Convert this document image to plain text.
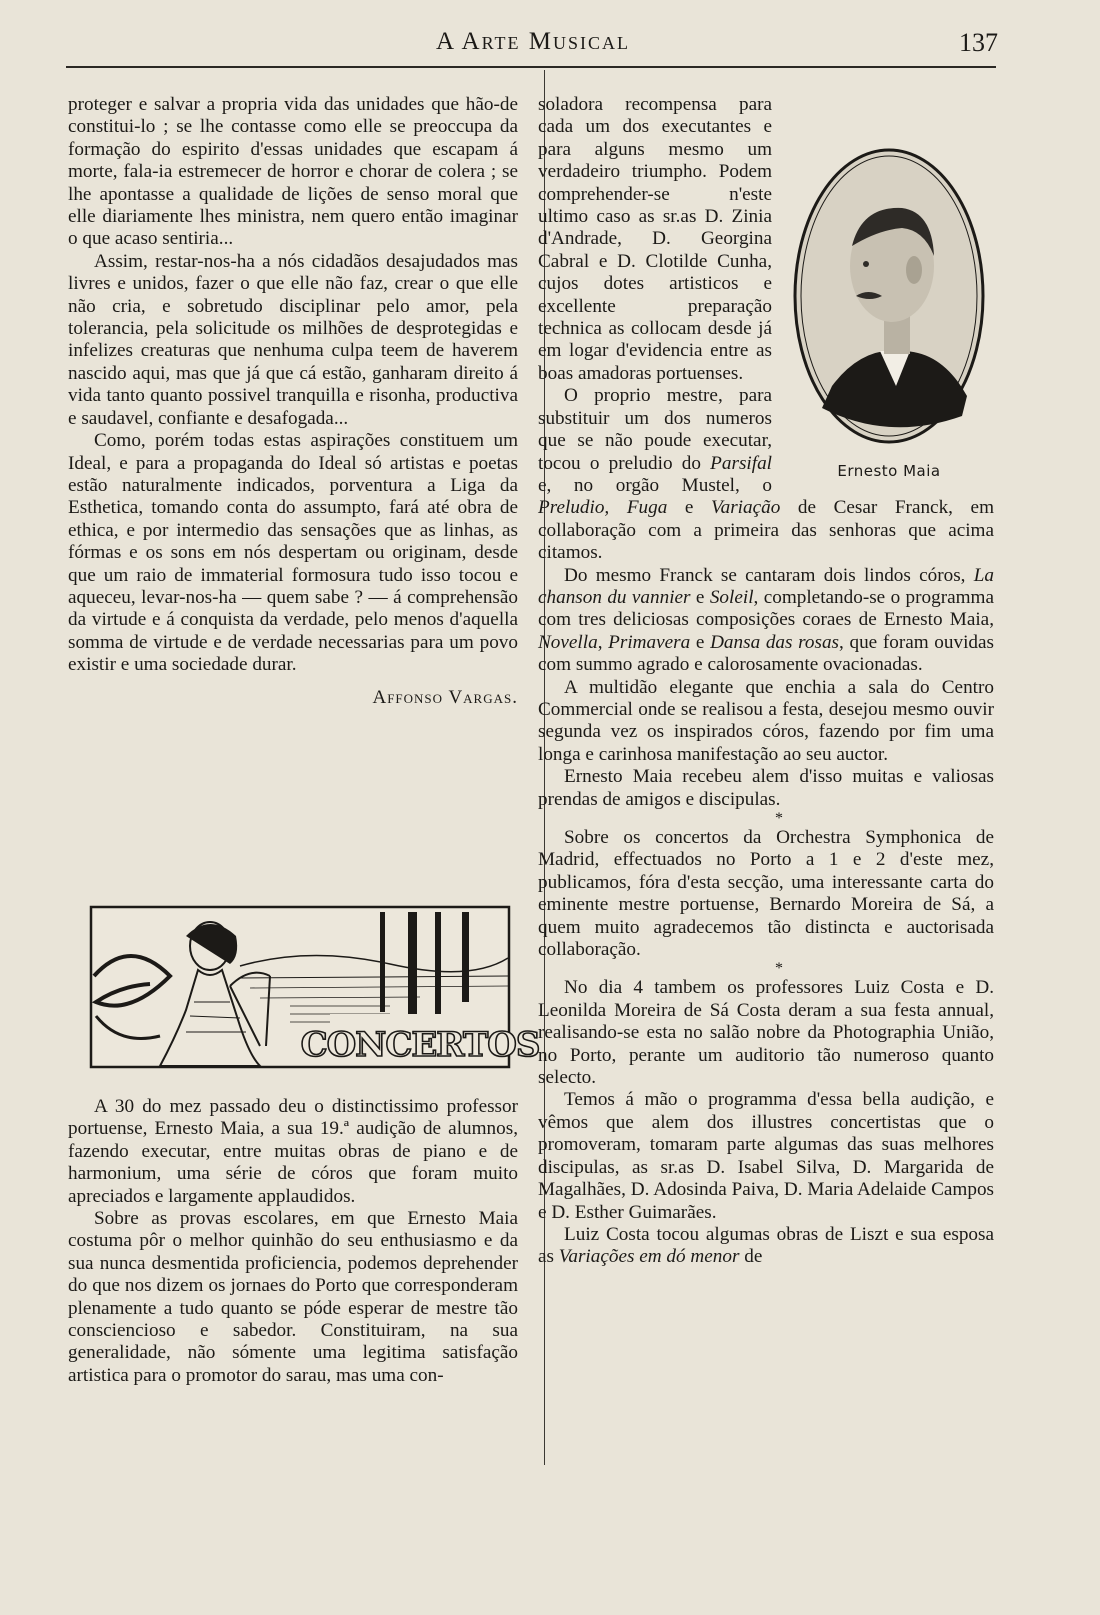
A Arte Musical	137

proteger e salvar a propria vida das unidades que hão-de constitui-lo ; se lhe contasse como elle se preoccupa da formação do espirito d'essas unidades que escapam á morte, fala-ia estremecer de horror e chorar de colera ; se lhe apontasse a qualidade de lições de senso moral que elle diariamente lhes ministra, nem quero então imaginar o que acaso sentiria...

Assim, restar-nos-ha a nós cidadãos desajudados mas livres e unidos, fazer o que elle não faz, crear o que elle não cria, e sobretudo disciplinar pelo amor, pela tolerancia, pela solicitude os milhões de desprotegidas e infelizes creaturas que nenhuma culpa teem de haverem nascido aqui, mas que já que cá estão, ganharam direito á vida tanto quanto possivel tranquilla e risonha, productiva e saudavel, confiante e desafogada...

Como, porém todas estas aspirações constituem um Ideal, e para a propaganda do Ideal só artistas e poetas estão naturalmente indicados, porventura a Liga da Esthetica, tomando conta do assumpto, fará até obra de ethica, e por intermedio das sensações que as linhas, as fórmas e os sons em nós despertam ou originam, desde que um raio de immaterial formosura tudo isso tocou e aqueceu, levar-nos-ha — quem sabe ? — á comprehensão da virtude e á conquista da verdade, pelo menos d'aquella somma de virtude e de verdade necessarias para um povo existir e uma sociedade durar.

Affonso Vargas.
CONCERTOS

A 30 do mez passado deu o distinctissimo professor portuense, Ernesto Maia, a sua 19.ª audição de alumnos, fazendo executar, entre muitas obras de piano e de harmonium, uma série de córos que foram muito apreciados e largamente applaudidos.

Sobre as provas escolares, em que Ernesto Maia costuma pôr o melhor quinhão do seu enthusiasmo e da sua nunca desmentida proficiencia, podemos deprehender do que nos dizem os jornaes do Porto que corresponderam plenamente a tudo quanto se póde esperar de mestre tão consciencioso e sabedor. Constituiram, na sua generalidade, não sómente uma legitima satisfação artistica para o promotor do sarau, mas uma con-

Ernesto Maia

soladora recompensa para cada um dos executantes e para alguns mesmo um verdadeiro triumpho. Podem comprehender-se n'este ultimo caso as sr.as D. Zinia d'Andrade, D. Georgina Cabral e D. Clotilde Cunha, cujos dotes artisticos e excellente preparação technica as collocam desde já em logar d'evidencia entre as boas amadoras portuenses.

O proprio mestre, para substituir um dos numeros que se não poude executar, tocou o preludio do Parsifal e, no orgão Mustel, o Preludio, Fuga e Variação de Cesar Franck, em collaboração com a primeira das senhoras que acima citamos.

Do mesmo Franck se cantaram dois lindos córos, La chanson du vannier e Soleil, completando-se o programma com tres deliciosas composições coraes de Ernesto Maia, Novella, Primavera e Dansa das rosas, que foram ouvidas com summo agrado e calorosamente ovacionadas.

A multidão elegante que enchia a sala do Centro Commercial onde se realisou a festa, desejou mesmo ouvir segunda vez os inspirados córos, fazendo por fim uma longa e carinhosa manifestação ao seu auctor.

Ernesto Maia recebeu alem d'isso muitas e valiosas prendas de amigos e discipulas.

*

Sobre os concertos da Orchestra Symphonica de Madrid, effectuados no Porto a 1 e 2 d'este mez, publicamos, fóra d'esta secção, uma interessante carta do eminente mestre portuense, Bernardo Moreira de Sá, a quem muito agradecemos tão distincta e auctorisada collaboração.

*

No dia 4 tambem os professores Luiz Costa e D. Leonilda Moreira de Sá Costa deram a sua festa annual, realisando-se esta no salão nobre da Photographia União, no Porto, perante um auditorio tão numeroso quanto selecto.

Temos á mão o programma d'essa bella audição, e vêmos que alem dos illustres concertistas que o promoveram, tomaram parte algumas das suas melhores discipulas, as sr.as D. Isabel Silva, D. Margarida de Magalhães, D. Adosinda Paiva, D. Maria Adelaide Campos e D. Esther Guimarães.

Luiz Costa tocou algumas obras de Liszt e sua esposa as Variações em dó menor de
